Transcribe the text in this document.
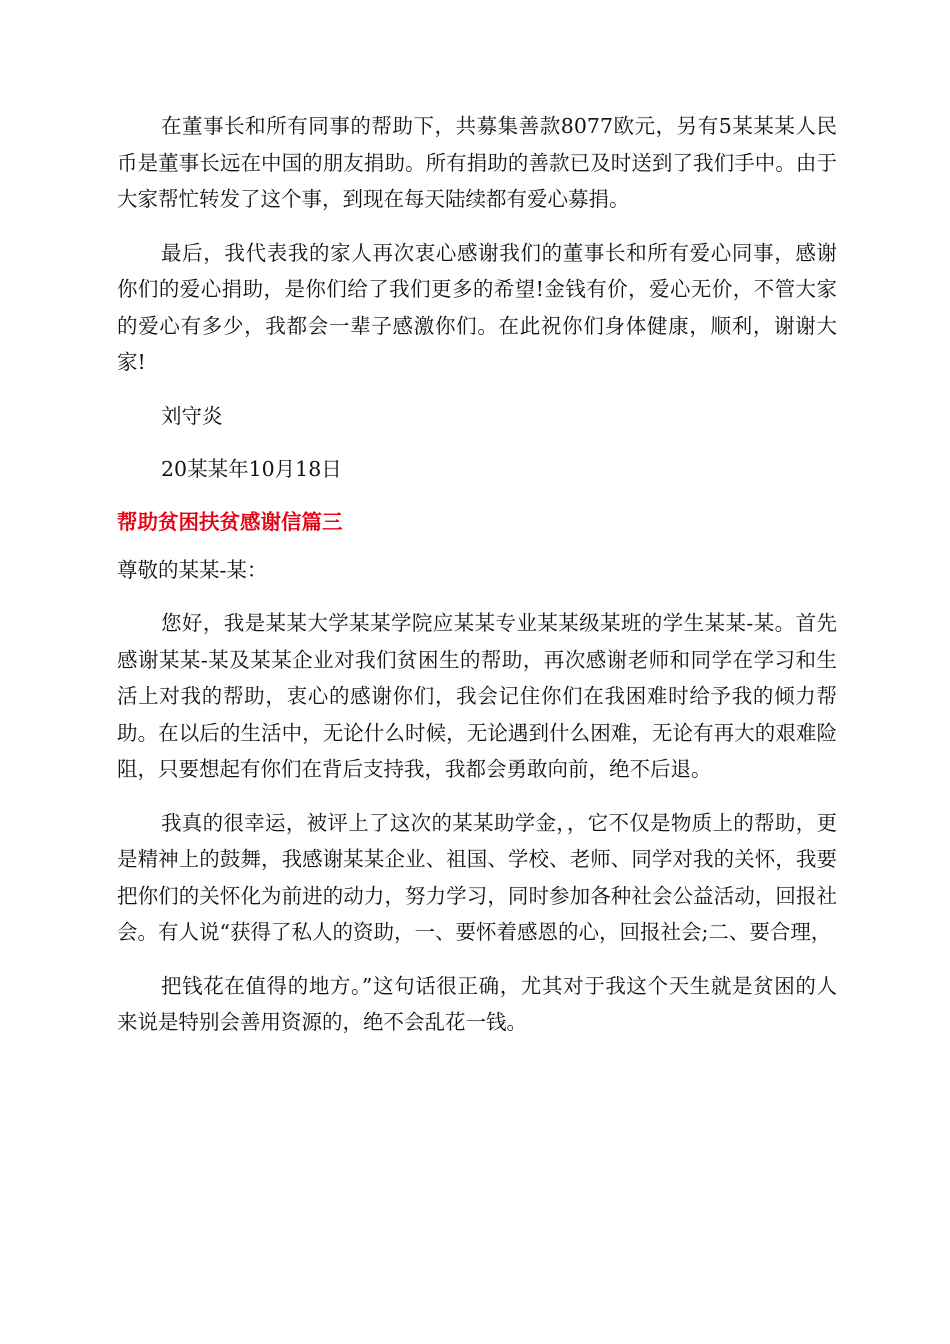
在董事长和所有同事的帮助下，共募集善款8077欧元，另有5某某某人民币是董事长远在中国的朋友捐助。所有捐助的善款已及时送到了我们手中。由于大家帮忙转发了这个事，到现在每天陆续都有爱心募捐。

最后，我代表我的家人再次衷心感谢我们的董事长和所有爱心同事，感谢你们的爱心捐助，是你们给了我们更多的希望!金钱有价，爱心无价，不管大家的爱心有多少，我都会一辈子感激你们。在此祝你们身体健康，顺利，谢谢大家!

刘守炎

20某某年10月18日

帮助贫困扶贫感谢信篇三

尊敬的某某-某：

您好，我是某某大学某某学院应某某专业某某级某班的学生某某-某。首先感谢某某-某及某某企业对我们贫困生的帮助，再次感谢老师和同学在学习和生活上对我的帮助，衷心的感谢你们，我会记住你们在我困难时给予我的倾力帮助。在以后的生活中，无论什么时候，无论遇到什么困难，无论有再大的艰难险阻，只要想起有你们在背后支持我，我都会勇敢向前，绝不后退。

我真的很幸运，被评上了这次的某某助学金，，它不仅是物质上的帮助，更是精神上的鼓舞，我感谢某某企业、祖国、学校、老师、同学对我的关怀，我要把你们的关怀化为前进的动力，努力学习，同时参加各种社会公益活动，回报社会。有人说“获得了私人的资助，一、要怀着感恩的心，回报社会;二、要合理，

把钱花在值得的地方。”这句话很正确，尤其对于我这个天生就是贫困的人来说是特别会善用资源的，绝不会乱花一钱。
